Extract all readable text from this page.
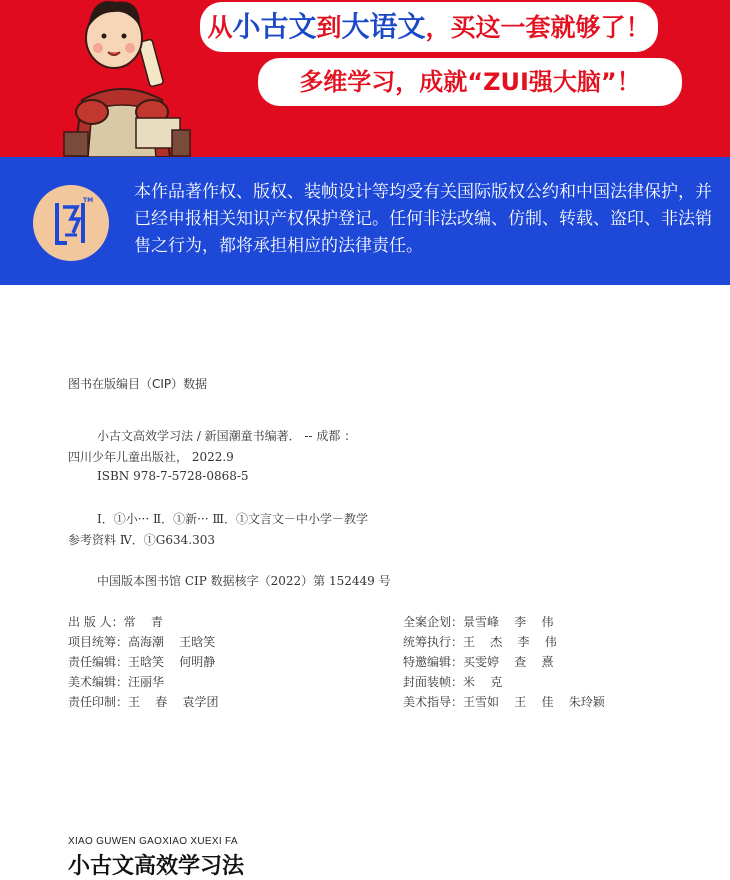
从小古文到大语文，买这一套就够了！
多维学习，成就“ZUI强大脑”！
TM 本作品著作权、版权、装帧设计等均受有关国际版权公约和中国法律保护，并已经申报相关知识产权保护登记。任何非法改编、仿制、转载、盗印、非法销售之行为，都将承担相应的法律责任。
图书在版编目（CIP）数据
小古文高效学习法 / 新国潮童书编著． -- 成都 ：
四川少年儿童出版社， 2022.9
ISBN 978-7-5728-0868-5
Ⅰ．①小··· Ⅱ．①新··· Ⅲ．①文言文－中小学－教学
参考资料 Ⅳ．①G634.303
中国版本图书馆 CIP 数据核字（2022）第 152449 号
出 版 人：常    青
项目统筹：高海潮    王晗笑
责任编辑：王晗笑    何明静
美术编辑：汪丽华
责任印制：王    春    袁学团
全案企划：景雪峰    李    伟
统筹执行：王    杰    李    伟
特邀编辑：买雯婷    查    熹
封面装帧：米    克
美术指导：王雪如    王    佳    朱玲颖
XIAO GUWEN GAOXIAO XUEXI FA
小古文高效学习法
